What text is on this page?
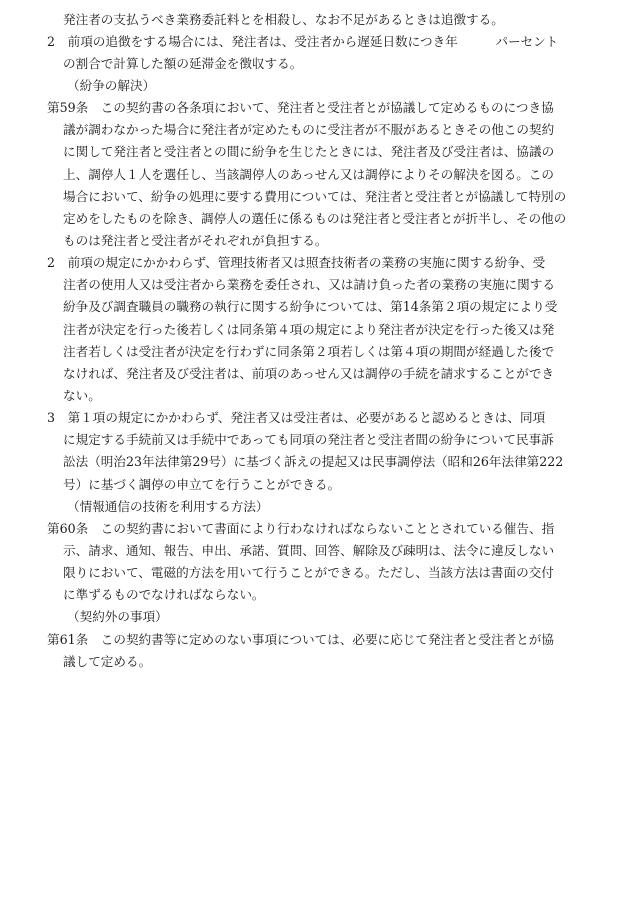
発注者の支払うべき業務委託料とを相殺し、なお不足があるときは追徴する。
2　前項の追徴をする場合には、発注者は、受注者から遅延日数につき年　　　パーセント
の割合で計算した額の延滞金を徴収する。
（紛争の解決）
第59条　この契約書の各条項において、発注者と受注者とが協議して定めるものにつき協
議が調わなかった場合に発注者が定めたものに受注者が不服があるときその他この契約
に関して発注者と受注者との間に紛争を生じたときには、発注者及び受注者は、協議の
上、調停人１人を選任し、当該調停人のあっせん又は調停によりその解決を図る。この
場合において、紛争の処理に要する費用については、発注者と受注者とが協議して特別の
定めをしたものを除き、調停人の選任に係るものは発注者と受注者とが折半し、その他の
ものは発注者と受注者がそれぞれが負担する。
2　前項の規定にかかわらず、管理技術者又は照査技術者の業務の実施に関する紛争、受
注者の使用人又は受注者から業務を委任され、又は請け負った者の業務の実施に関する
紛争及び調査職員の職務の執行に関する紛争については、第14条第２項の規定により受
注者が決定を行った後若しくは同条第４項の規定により発注者が決定を行った後又は発
注者若しくは受注者が決定を行わずに同条第２項若しくは第４項の期間が経過した後で
なければ、発注者及び受注者は、前項のあっせん又は調停の手続を請求することができ
ない。
3　第１項の規定にかかわらず、発注者又は受注者は、必要があると認めるときは、同項
に規定する手続前又は手続中であっても同項の発注者と受注者間の紛争について民事訴
訟法（明治23年法律第29号）に基づく訴えの提起又は民事調停法（昭和26年法律第222
号）に基づく調停の申立てを行うことができる。
（情報通信の技術を利用する方法）
第60条　この契約書において書面により行わなければならないこととされている催告、指
示、請求、通知、報告、申出、承諾、質問、回答、解除及び疎明は、法令に違反しない
限りにおいて、電磁的方法を用いて行うことができる。ただし、当該方法は書面の交付
に準ずるものでなければならない。
（契約外の事項）
第61条　この契約書等に定めのない事項については、必要に応じて発注者と受注者とが協
議して定める。
